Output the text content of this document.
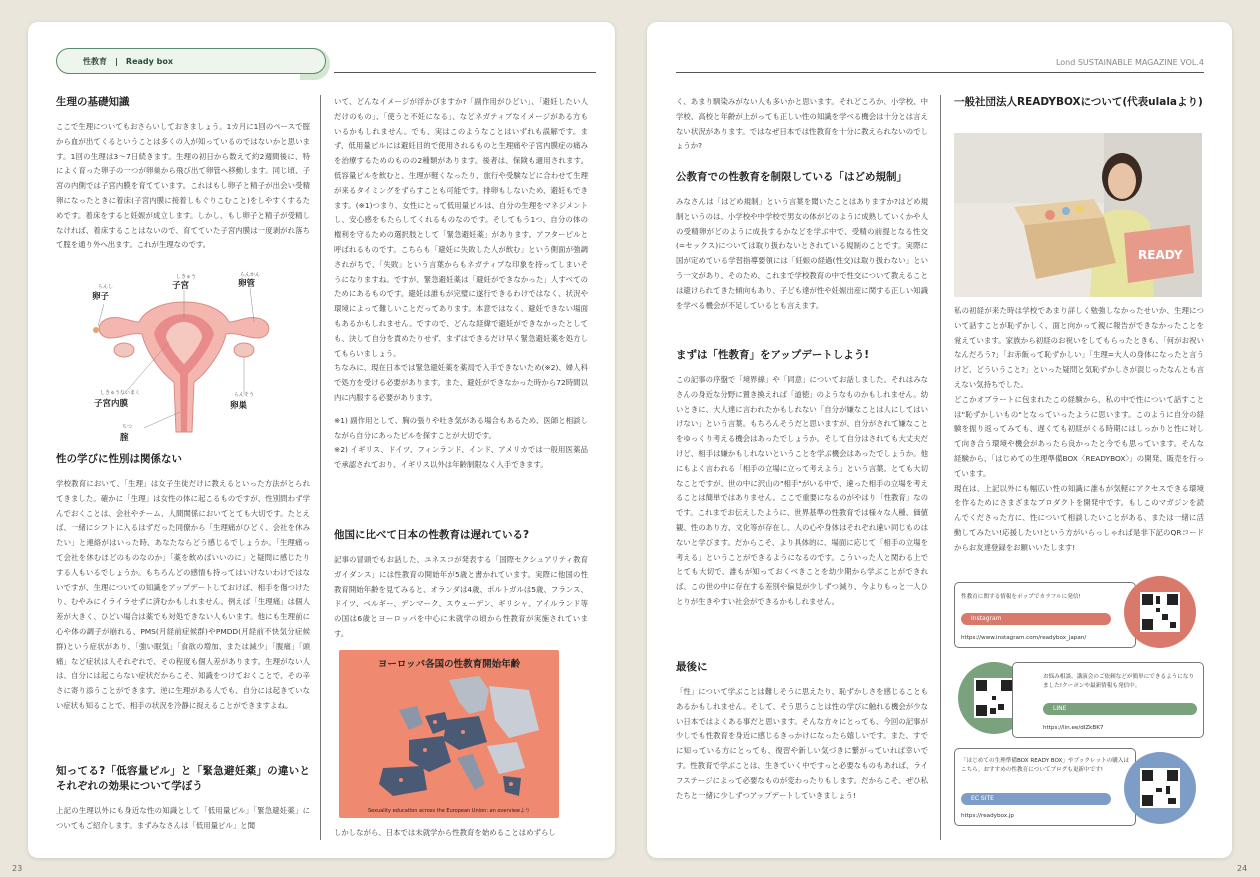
性教育 | Ready box
生理の基礎知識

ここで生理についてもおさらいしておきましょう。1カ月に1回のペースで腟から血が出てくるということは多くの人が知っているのではないかと思います。1回の生理は3〜7日続きます。生理の初日から数えて約2週間後に、特によく育った卵子の一つが卵巣から飛び出て卵管へ移動します。同じ頃、子宮の内側では子宮内膜を育てています。これはもし卵子と精子が出会い受精卵になったときに着床(子宮内膜に接着しもぐりこむこと)をしやすくするためです。着床をすると妊娠が成立します。しかし、もし卵子と精子が受精しなければ、着床することはないので、育てていた子宮内膜は一度剥がれ落ちて腟を通り外へ出ます。これが生理なのです。

らんし
卵子
しきゅう
子宮
らんかん
卵管
しきゅうないまく
子宮内膜
らんそう
卵巣
ちつ
腟
性の学びに性別は関係ない

学校教育において、「生理」は女子生徒だけに教えるといった方法がとられてきました。確かに「生理」は女性の体に起こるものですが、性別問わず学んでおくことは、会社やチーム、人間関係においてとても大切です。たとえば、一緒にシフトに入るはずだった同僚から「生理痛がひどく、会社を休みたい」と連絡がはいった時、あなたならどう感じるでしょうか。「生理痛って会社を休むほどのものなのか」「薬を飲めばいいのに」と疑問に感じたりする人もいるでしょうか。もちろんどの感情も持ってはいけないわけではないですが、生理についての知識をアップデートしておけば、相手を傷つけたり、むやみにイライラせずに済むかもしれません。例えば「生理痛」は個人差が大きく、ひどい場合は薬でも対処できない人もいます。他にも生理前に心や体の調子が崩れる、PMS(月経前症候群)やPMDD(月経前不快気分症候群)という症状があり、「強い眠気」「食欲の増加、または減少」「腹痛」「頭痛」など症状は人それぞれで、その程度も個人差があります。生理がない人は、自分には起こらない症状だからこそ、知識をつけておくことで、その辛さに寄り添うことができます。逆に生理がある人でも、自分には起きていない症状も知ることで、相手の状況を冷静に捉えることができますよね。

知ってる?「低容量ピル」と「緊急避妊薬」の違いとそれぞれの効果について学ぼう

上記の生理以外にも身近な性の知識として「低用量ピル」「緊急避妊薬」についてもご紹介します。まずみなさんは「低用量ピル」と聞

いて、どんなイメージが浮かびますか?「副作用がひどい」、「避妊したい人だけのもの」、「使うと不妊になる」、などネガティブなイメージがある方もいるかもしれません。でも、実はこのようなことはいずれも誤解です。まず、低用量ピルには避妊目的で使用されるものと生理痛や子宮内膜症の痛みを治療するためのものの2種類があります。後者は、保険も適用されます。低容量ピルを飲むと、生理が軽くなったり、旅行や受験などに合わせて生理が来るタイミングをずらすことも可能です。排卵もしないため、避妊もできます。(※1)つまり、女性にとって低用量ピルは、自分の生理をマネジメントし、安心感をもたらしてくれるものなのです。そしてもう1つ、自分の体の権利を守るための選択肢として「緊急避妊薬」があります。アフターピルと呼ばれるものです。こちらも「避妊に失敗した人が飲む」という側面が強調されがちで、「失敗」という言葉からもネガティブな印象を持ってしまいそうになりますね。ですが、緊急避妊薬は「避妊ができなかった」人すべてのためにあるものです。避妊は誰もが完璧に遂行できるわけではなく、状況や環境によって難しいことだってあります。本意ではなく、避妊できない場面もあるかもしれません。ですので、どんな経緯で避妊ができなかったとしても、決して自分を責めたりせず、まずはできるだけ早く緊急避妊薬を処方してもらいましょう。

ちなみに、現在日本では緊急避妊薬を薬局で入手できないため(※2)、婦人科で処方を受ける必要があります。また、避妊ができなかった時から72時間以内に内服する必要があります。

※1) 副作用として、胸の張りや吐き気がある場合もあるため、医師と相談しながら自分にあったピルを探すことが大切です。

※2) イギリス、ドイツ、フィンランド、インド、アメリカでは一般用医薬品で承認されており、イギリス以外は年齢制限なく入手できます。

他国に比べて日本の性教育は遅れている?

記事の冒頭でもお話した、ユネスコが発表する「国際セクシュアリティ教育ガイダンス」には性教育の開始年が5歳と書かれています。実際に他国の性教育開始年齢を見てみると、オランダは4歳、ポルトガルは5歳、フランス、ドイツ、ベルギー、デンマーク、スウェーデン、ギリシャ、アイルランド等の国は6歳とヨーロッパを中心に未就学の頃から性教育が実施されています。

ヨーロッパ各国の性教育開始年齢
Sexuality education across the European Union: an overviewより

しかしながら、日本では未就学から性教育を始めることはめずらし

23
Lond SUSTAINABLE MAGAZINE VOL.4

く、あまり馴染みがない人も多いかと思います。それどころか、小学校、中学校、高校と年齢が上がっても正しい性の知識を学べる機会は十分とは言えない状況があります。ではなぜ日本では性教育を十分に教えられないのでしょうか?

公教育での性教育を制限している「はどめ規制」

みなさんは「はどめ規制」という言葉を聞いたことはありますか?はどめ規制というのは、小学校や中学校で男女の体がどのように成熟していくかや人の受精卵がどのように成長するかなどを学ぶ中で、受精の前提となる性交(=セックス)については取り扱わないとされている規制のことです。実際に国が定めている学習指導要領には「妊娠の経過(性交)は取り扱わない」という一文があり、そのため、これまで学校教育の中で性交について教えることは避けられてきた傾向もあり、子ども達が性や妊娠出産に関する正しい知識を学べる機会が不足しているとも言えます。

まずは「性教育」をアップデートしよう!

この記事の序盤で「境界線」や「同意」についてお話しました。それはみなさんの身近な分野に置き換えれば「道徳」のようなものかもしれません。幼いときに、大人達に言われたかもしれない「自分が嫌なことは人にしてはいけない」という言葉。もちろんそうだと思いますが、自分がされて嫌なことをゆっくり考える機会はあったでしょうか。そして自分はされても大丈夫だけど、相手は嫌かもしれないということを学ぶ機会はあったでしょうか。他にもよく言われる「相手の立場に立って考えよう」という言葉。とても大切なことですが、世の中に沢山の"相手"がいる中で、違った相手の立場を考えることは簡単ではありません。ここで重要になるのがやはり「性教育」なのです。これまでお伝えしたように、世界基準の性教育では様々な人種、価値観、性のあり方、文化等が存在し、人の心や身体はそれぞれ違い同じものはないと学びます。だからこそ、より具体的に、場面に応じて「相手の立場を考える」ということができるようになるのです。こういった人と関わる上でとても大切で、誰もが知っておくべきことを幼少期から学ぶことができれば、この世の中に存在する差別や偏見が少しずつ減り、今よりもっと一人ひとりが生きやすい社会ができるかもしれません。

最後に

「性」について学ぶことは難しそうに思えたり、恥ずかしさを感じることもあるかもしれません。そして、そう思うことは性の学びに触れる機会が少ない日本ではよくある事だと思います。そんな方々にとっても、今回の記事が少しでも性教育を身近に感じるきっかけになったら嬉しいです。また、すでに知っている方にとっても、復習や新しい気づきに繋がっていれば幸いです。性教育で学ぶことは、生きていく中ですっと必要なものもあれば、ライフステージによって必要なものが変わったりもします。だからこそ、ぜひ私たちと一緒に少しずつアップデートしていきましょう!

一般社団法人READYBOXについて(代表ulalaより)
READY

私の初経が来た時は学校であまり詳しく勉強しなかったせいか、生理について話すことが恥ずかしく、面と向かって親に報告ができなかったことを覚えています。家族から初経のお祝いをしてもらったときも、「何がお祝いなんだろう?」「お赤飯って恥ずかしい」「生理=大人の身体になったと言うけど、どういうこと?」といった疑問と気恥ずかしさが混じったなんとも言えない気持ちでした。

どこかオブラートに包まれたこの経験から、私の中で性について話すことは"恥ずかしいもの"となっていったように思います。このように自分の経験を振り返ってみても、遅くても初経がくる時期にはしっかりと性に対して向き合う環境や機会があったら良かったと今でも思っています。そんな経験から、「はじめての生理準備BOX〈READYBOX〉」の開発、販売を行っています。

現在は、上記以外にも幅広い性の知識に誰もが気軽にアクセスできる環境を作るためにさまざまなプロダクトを開発中です。もしこのマガジンを読んでくださった方に、性について相談したいことがある、または一緒に活動してみたい!応援したい!という方がいらっしゃれば是非下記のQRコードからお友達登録をお願いいたします!

性教育に関する情報をポップでカラフルに発信!
Instagram
https://www.instagram.com/readybox_japan/
お悩み相談、講演会のご依頼などが簡単にできるようになりました!クーポンや最新情報も発信中。
LINE
https://lin.ee/dlZkBK7
「はじめての生理準備BOX READY BOX」やブックレットの購入はこちら。おすすめの性教育についてブログも更新中です!
EC SITE
https://readybox.jp
24
